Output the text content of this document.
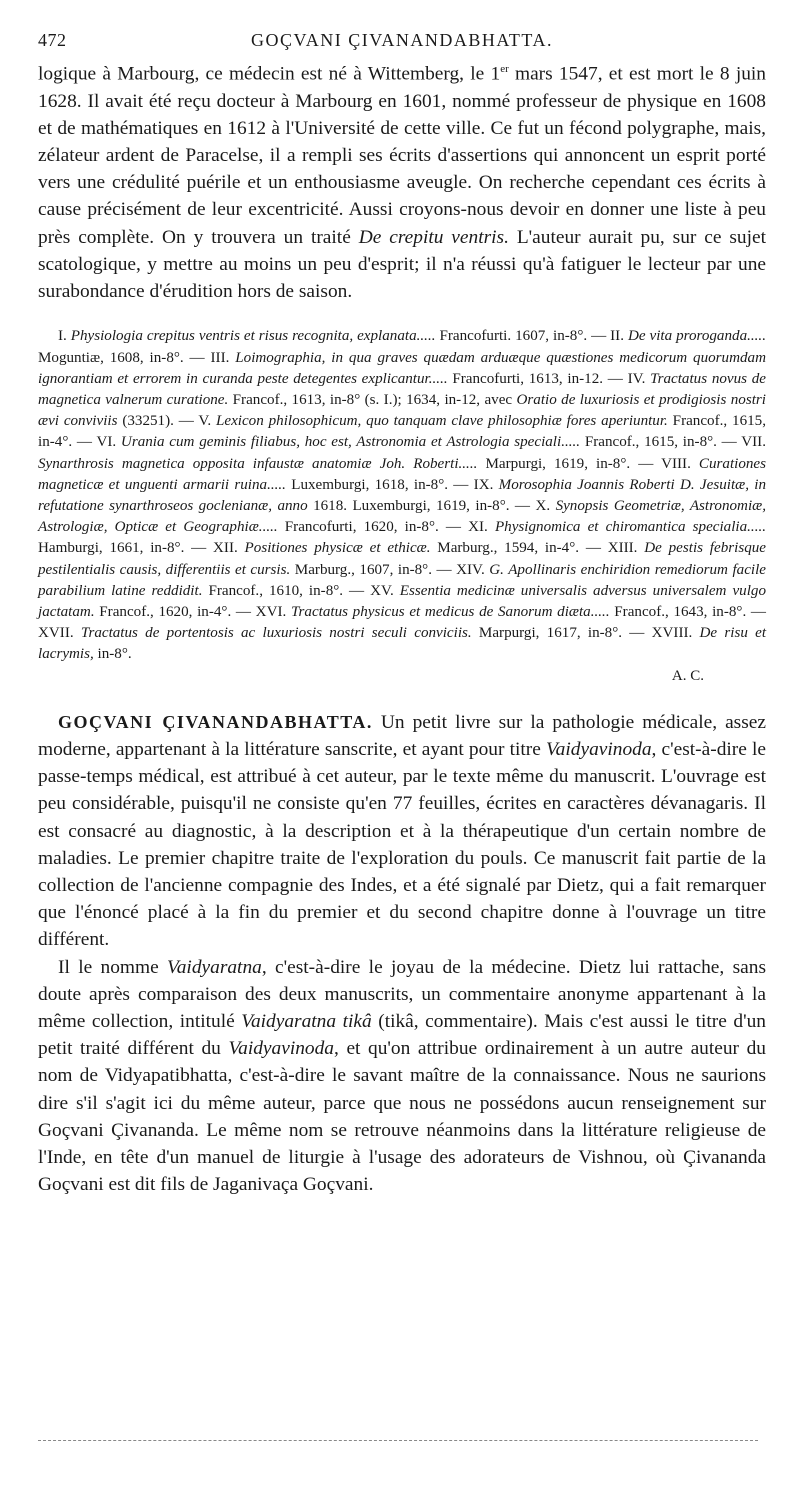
472	GOÇVANI ÇIVANANDABHATTA.

logique à Marbourg, ce médecin est né à Wittemberg, le 1er mars 1547, et est mort le 8 juin 1628. Il avait été reçu docteur à Marbourg en 1601, nommé professeur de physique en 1608 et de mathématiques en 1612 à l'Université de cette ville. Ce fut un fécond polygraphe, mais, zélateur ardent de Paracelse, il a rempli ses écrits d'assertions qui annoncent un esprit porté vers une crédulité puérile et un enthousiasme aveugle. On recherche cependant ces écrits à cause précisément de leur excentricité. Aussi croyons-nous devoir en donner une liste à peu près complète. On y trouvera un traité De crepitu ventris. L'auteur aurait pu, sur ce sujet scatologique, y mettre au moins un peu d'esprit; il n'a réussi qu'à fatiguer le lecteur par une surabondance d'érudition hors de saison.

I. Physiologia crepitus ventris et risus recognita, explanata..... Francofurti. 1607, in-8°. — II. De vita proroganda..... Moguntiæ, 1608, in-8°. — III. Loimographia, in qua graves quædam arduæque quæstiones medicorum quorumdam ignorantiam et errorem in curanda peste detegentes explicantur..... Francofurti, 1613, in-12. — IV. Tractatus novus de magnetica valnerum curatione. Francof., 1613, in-8° (s. I.); 1634, in-12, avec Oratio de luxuriosis et prodigiosis nostri ævi conviviis (33251). — V. Lexicon philosophicum, quo tanquam clave philosophiæ fores aperiuntur. Francof., 1615, in-4°. — VI. Urania cum geminis filiabus, hoc est, Astronomia et Astrologia speciali..... Francof., 1615, in-8°. — VII. Synarthrosis magnetica opposita infaustæ anatomiæ Joh. Roberti..... Marpurgi, 1619, in-8°. — VIII. Curationes magneticæ et unguenti armarii ruina..... Luxemburgi, 1618, in-8°. — IX. Morosophia Joannis Roberti D. Jesuitæ, in refutatione synarthroseos goclenianæ, anno 1618. Luxemburgi, 1619, in-8°. — X. Synopsis Geometriæ, Astronomiæ, Astrologiæ, Opticæ et Geographiæ..... Francofurti, 1620, in-8°. — XI. Physignomica et chiromantica specialia..... Hamburgi, 1661, in-8°. — XII. Positiones physicæ et ethicæ. Marburg., 1594, in-4°. — XIII. De pestis febrisque pestilentialis causis, differentiis et cursis. Marburg., 1607, in-8°. — XIV. G. Apollinaris enchiridion remediorum facile parabilium latine reddidit. Francof., 1610, in-8°. — XV. Essentia medicinæ universalis adversus universalem vulgo jactatam. Francof., 1620, in-4°. — XVI. Tractatus physicus et medicus de Sanorum diæta..... Francof., 1643, in-8°. — XVII. Tractatus de portentosis ac luxuriosis nostri seculi conviciis. Marpurgi, 1617, in-8°. — XVIII. De risu et lacrymis, in-8°.

A. C.

GOÇVANI ÇIVANANDABHATTA. Un petit livre sur la pathologie médicale, assez moderne, appartenant à la littérature sanscrite, et ayant pour titre Vaidyavinoda, c'est-à-dire le passe-temps médical, est attribué à cet auteur, par le texte même du manuscrit. L'ouvrage est peu considérable, puisqu'il ne consiste qu'en 77 feuilles, écrites en caractères dévanagaris. Il est consacré au diagnostic, à la description et à la thérapeutique d'un certain nombre de maladies. Le premier chapitre traite de l'exploration du pouls. Ce manuscrit fait partie de la collection de l'ancienne compagnie des Indes, et a été signalé par Dietz, qui a fait remarquer que l'énoncé placé à la fin du premier et du second chapitre donne à l'ouvrage un titre différent.

Il le nomme Vaidyaratna, c'est-à-dire le joyau de la médecine. Dietz lui rattache, sans doute après comparaison des deux manuscrits, un commentaire anonyme appartenant à la même collection, intitulé Vaidyaratna tikâ (tikâ, commentaire). Mais c'est aussi le titre d'un petit traité différent du Vaidyavinoda, et qu'on attribue ordinairement à un autre auteur du nom de Vidyapatibhatta, c'est-à-dire le savant maître de la connaissance. Nous ne saurions dire s'il s'agit ici du même auteur, parce que nous ne possédons aucun renseignement sur Goçvani Çivananda. Le même nom se retrouve néanmoins dans la littérature religieuse de l'Inde, en tête d'un manuel de liturgie à l'usage des adorateurs de Vishnou, où Çivananda Goçvani est dit fils de Jaganivaça Goçvani.
